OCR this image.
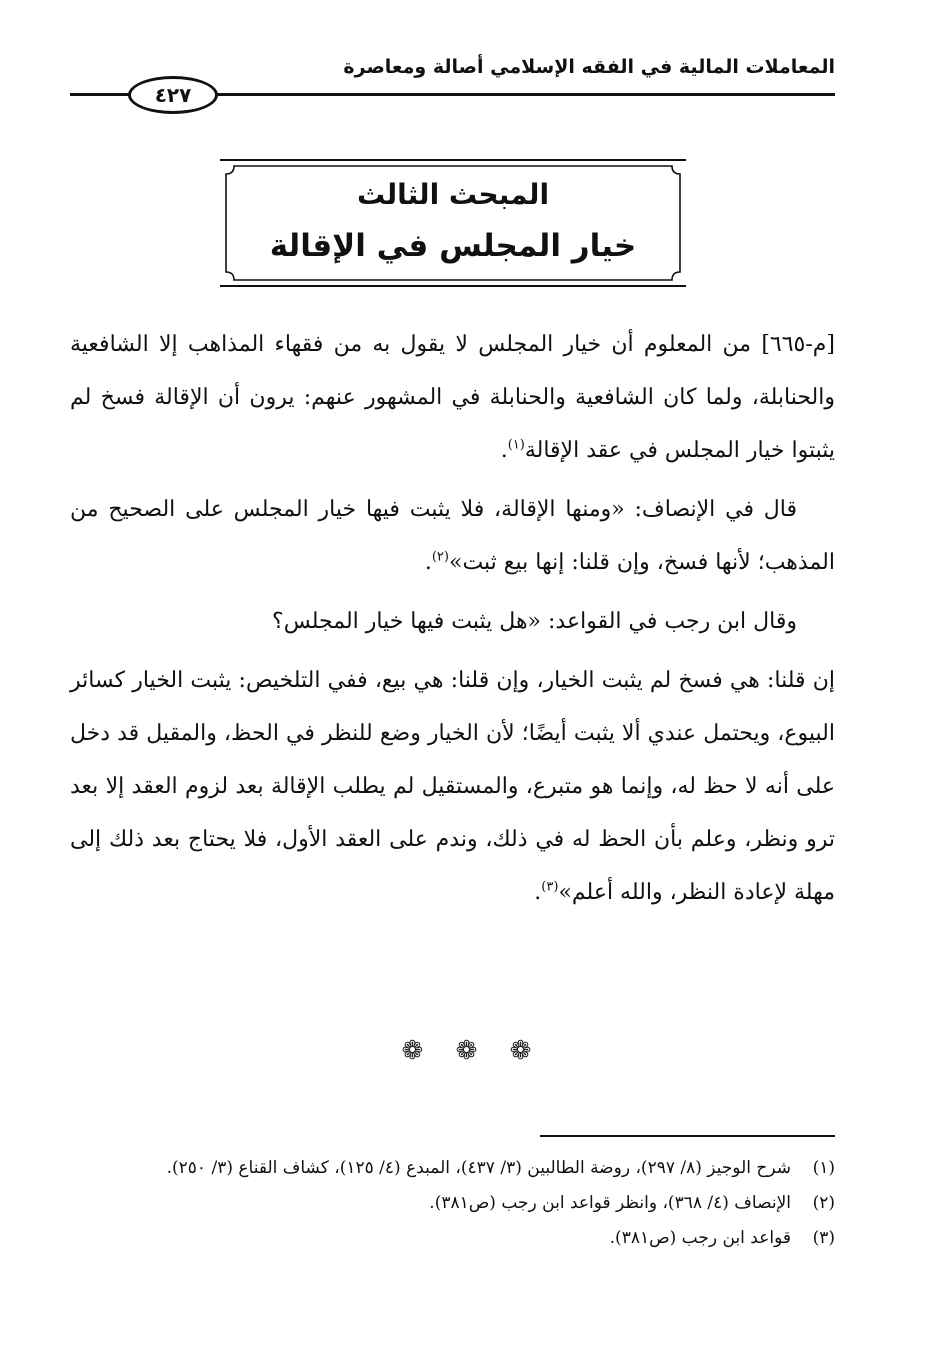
المعاملات المالية في الفقه الإسلامي أصالة ومعاصرة
٤٢٧
المبحث الثالث
خيار المجلس في الإقالة

[م-٦٦٥] من المعلوم أن خيار المجلس لا يقول به من فقهاء المذاهب إلا الشافعية والحنابلة، ولما كان الشافعية والحنابلة في المشهور عنهم: يرون أن الإقالة فسخ لم يثبتوا خيار المجلس في عقد الإقالة$^{(١)}$.

قال في الإنصاف: «ومنها الإقالة، فلا يثبت فيها خيار المجلس على الصحيح من المذهب؛ لأنها فسخ، وإن قلنا: إنها بيع ثبت»$^{(٢)}$.

وقال ابن رجب في القواعد: «هل يثبت فيها خيار المجلس؟

إن قلنا: هي فسخ لم يثبت الخيار، وإن قلنا: هي بيع، ففي التلخيص: يثبت الخيار كسائر البيوع، ويحتمل عندي ألا يثبت أيضًا؛ لأن الخيار وضع للنظر في الحظ، والمقيل قد دخل على أنه لا حظ له، وإنما هو متبرع، والمستقيل لم يطلب الإقالة بعد لزوم العقد إلا بعد ترو ونظر، وعلم بأن الحظ له في ذلك، وندم على العقد الأول، فلا يحتاج بعد ذلك إلى مهلة لإعادة النظر، والله أعلم»$^{(٣)}$.

❁ ❁ ❁
(١)
شرح الوجيز (٨/ ٢٩٧)، روضة الطالبين (٣/ ٤٣٧)، المبدع (٤/ ١٢٥)، كشاف القناع (٣/ ٢٥٠).
(٢)
الإنصاف (٤/ ٣٦٨)، وانظر قواعد ابن رجب (ص٣٨١).
(٣)
قواعد ابن رجب (ص٣٨١).
